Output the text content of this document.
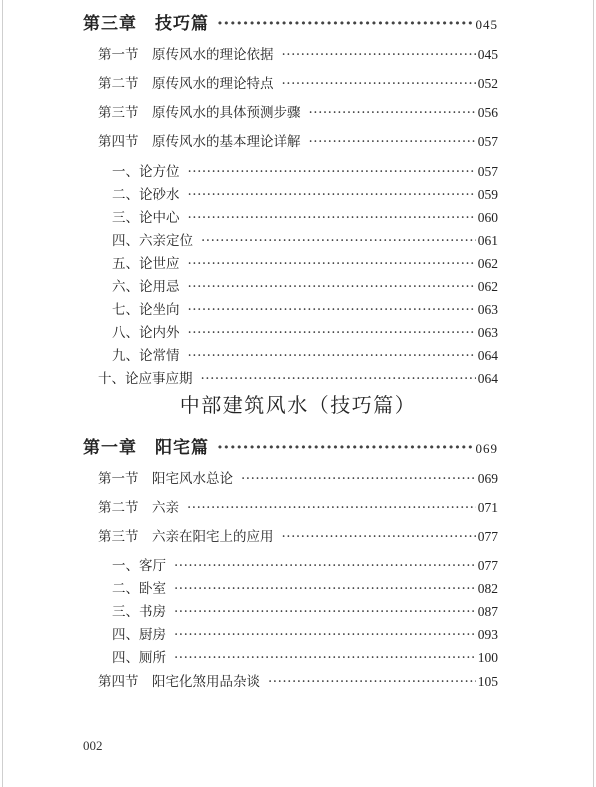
第三章　技巧篇 ·····	045
第一节　原传风水的理论依据 ·····	045
第二节　原传风水的理论特点 ·····	052
第三节　原传风水的具体预测步骤 ·····	056
第四节　原传风水的基本理论详解 ·····	057
一、论方位 ·····	057
二、论砂水 ·····	059
三、论中心 ·····	060
四、六亲定位 ·····	061
五、论世应 ·····	062
六、论用忌 ·····	062
七、论坐向 ·····	063
八、论内外 ·····	063
九、论常情 ·····	064
十、论应事应期 ·····	064
中部建筑风水（技巧篇）
第一章　阳宅篇 ·····	069
第一节　阳宅风水总论 ·····	069
第二节　六亲 ·····	071
第三节　六亲在阳宅上的应用 ·····	077
一、客厅 ·····	077
二、卧室 ·····	082
三、书房 ·····	087
四、厨房 ·····	093
四、厕所 ·····	100
第四节　阳宅化煞用品杂谈 ·····	105
002
